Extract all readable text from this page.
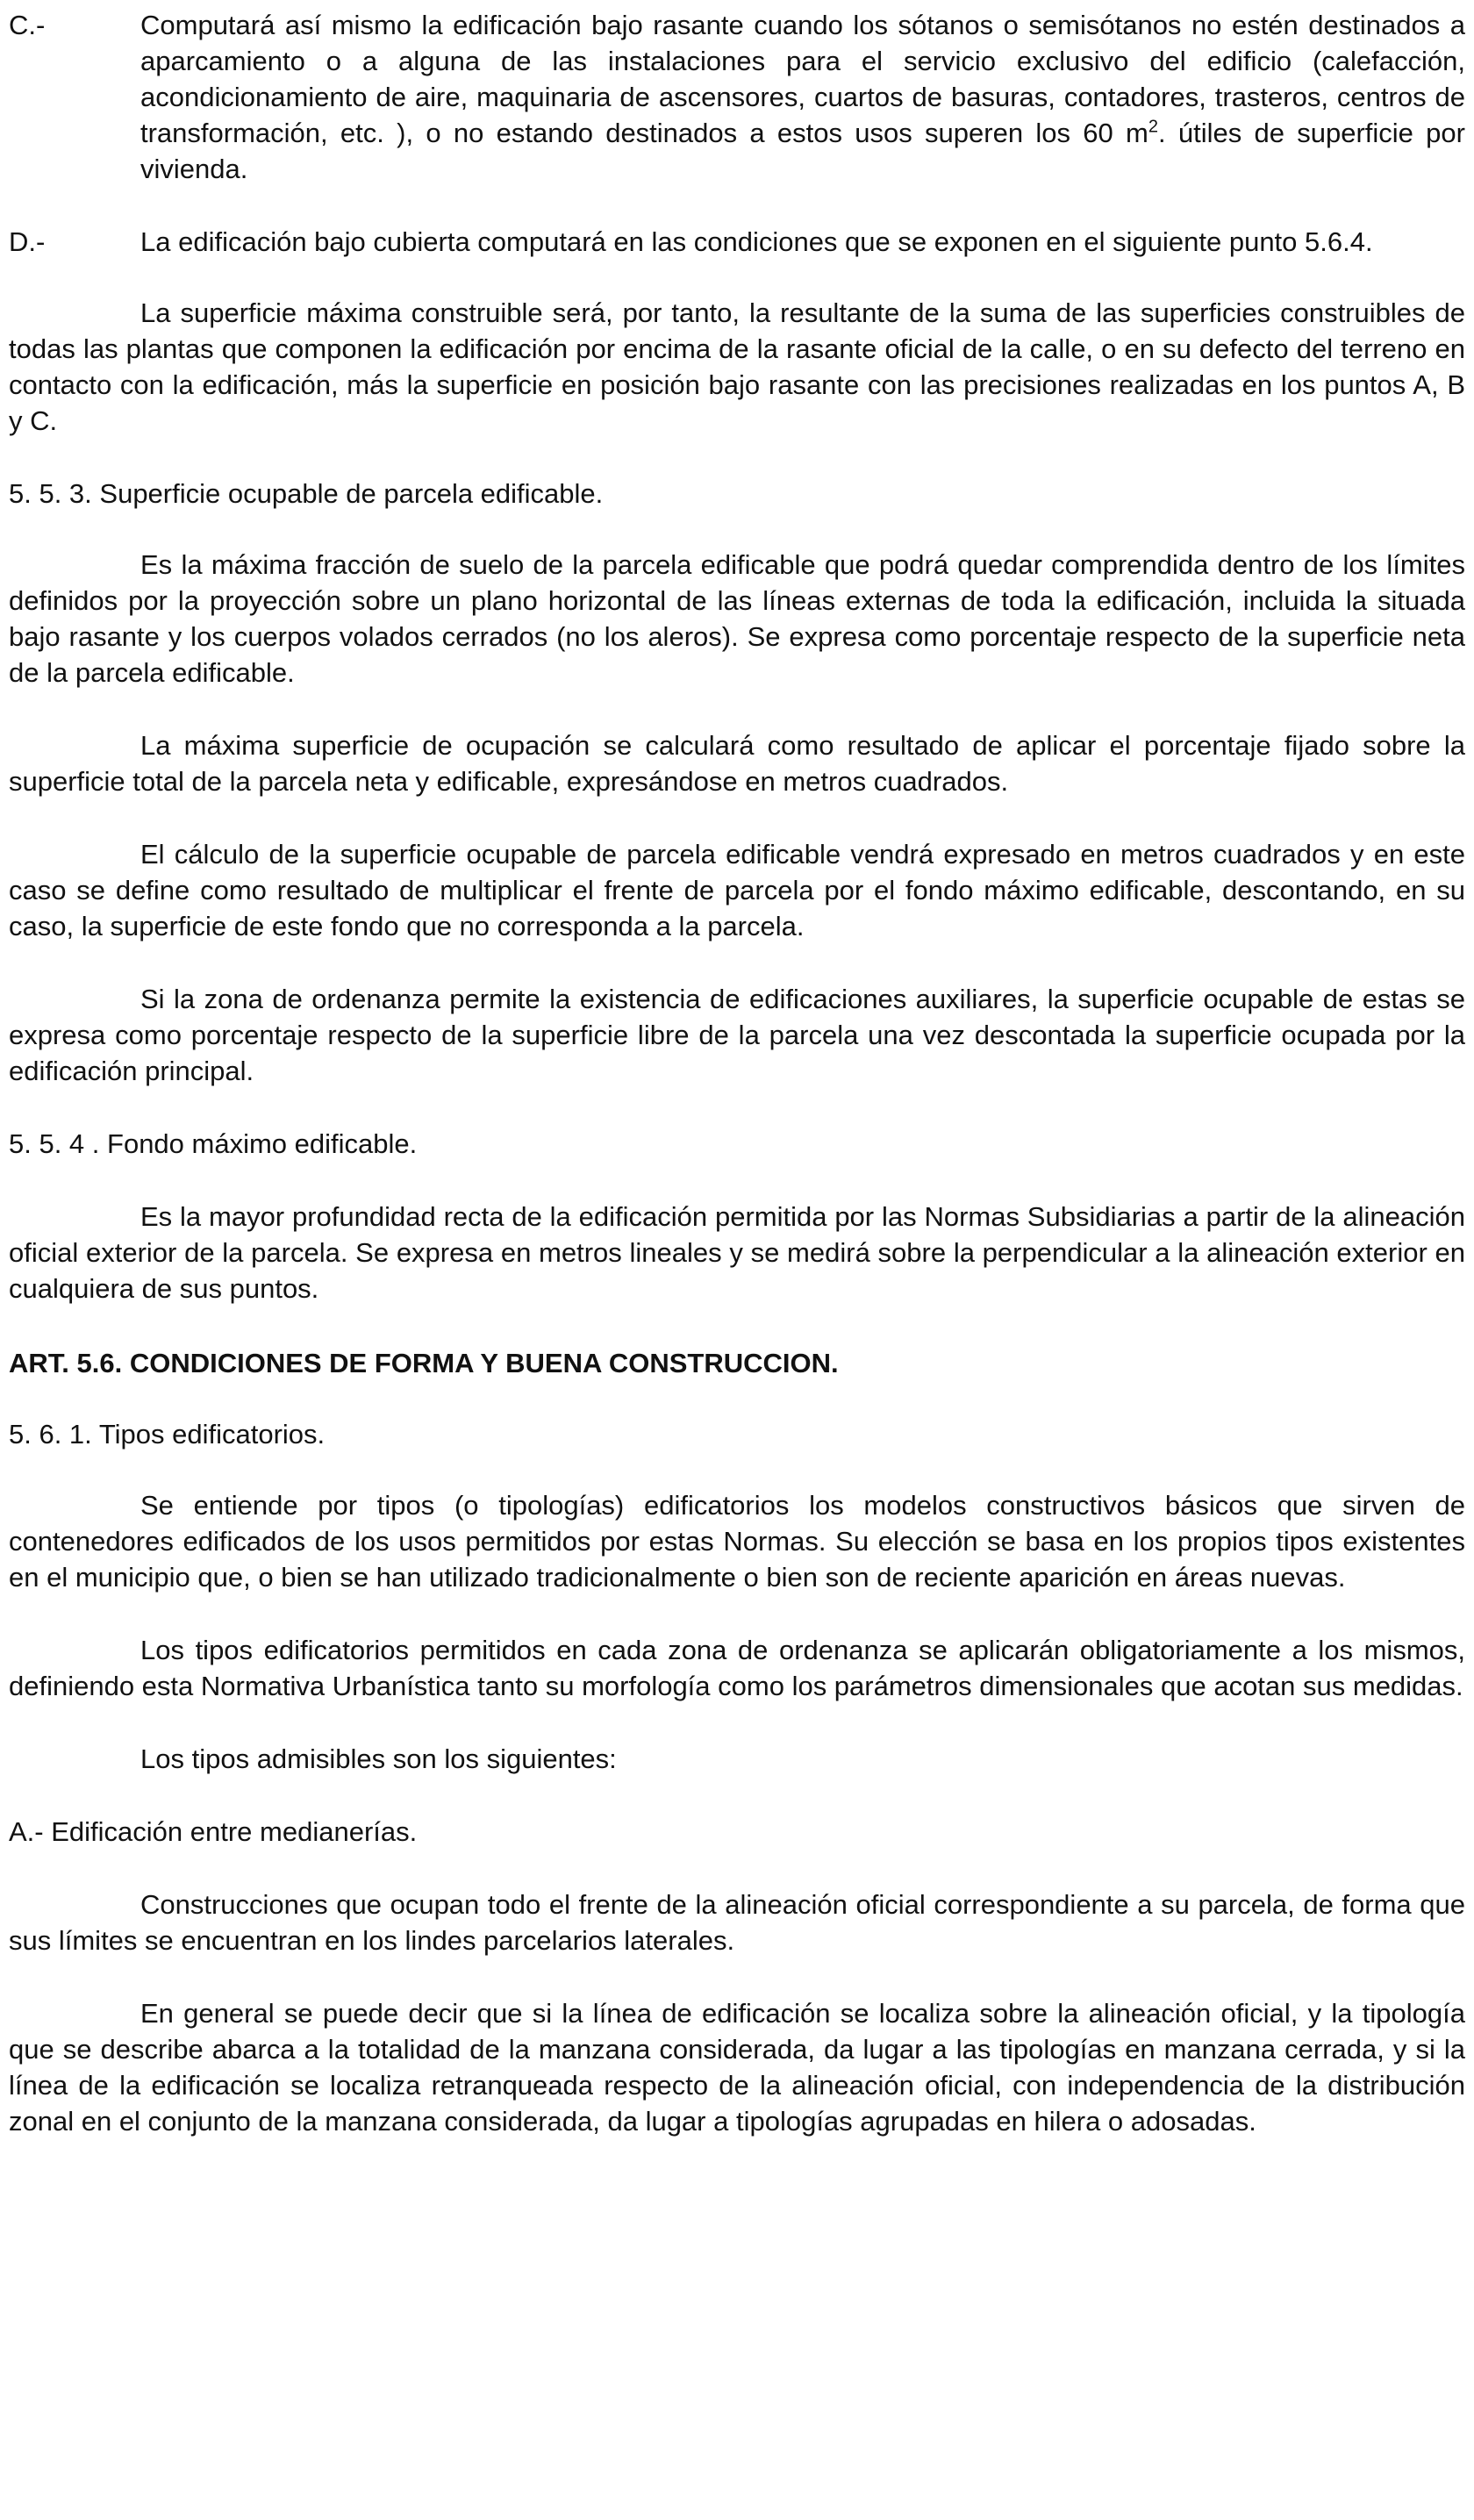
C.-	Computará así mismo la edificación bajo rasante cuando los sótanos o semisótanos no estén destinados a aparcamiento o a alguna de las instalaciones para el servicio exclusivo del edificio (calefacción, acondicionamiento de aire, maquinaria de ascensores, cuartos de basuras, contadores, trasteros, centros de transformación, etc. ), o no estando destinados a estos usos superen los 60 $m^2$. útiles de superficie por vivienda.
D.-	La edificación bajo cubierta computará en las condiciones que se exponen en el siguiente punto 5.6.4.

La superficie máxima construible será, por tanto, la resultante de la suma de las superficies construibles de todas las plantas que componen la edificación por encima de la rasante oficial de la calle, o en su defecto del terreno en contacto con la edificación, más la superficie en posición bajo rasante con las precisiones realizadas en los puntos A, B y C.

5. 5. 3. Superficie ocupable de parcela edificable.

Es la máxima fracción de suelo de la parcela edificable que podrá quedar comprendida dentro de los límites definidos por la proyección sobre un plano horizontal de las líneas externas de toda la edificación, incluida la situada bajo rasante y los cuerpos volados cerrados (no los aleros). Se expresa como porcentaje respecto de la superficie neta de la parcela edificable.

La máxima superficie de ocupación se calculará como resultado de aplicar el porcentaje fijado sobre la superficie total de la parcela neta y edificable, expresándose en metros cuadrados.

El cálculo de la superficie ocupable de parcela edificable vendrá expresado en metros cuadrados y en este caso se define como resultado de multiplicar el frente de parcela por el fondo máximo edificable, descontando, en su caso, la superficie de este fondo que no corresponda a la parcela.

Si la zona de ordenanza permite la existencia de edificaciones auxiliares, la superficie ocupable de estas se expresa como porcentaje respecto de la superficie libre de la parcela una vez descontada la superficie ocupada por la edificación principal.

5. 5. 4 . Fondo máximo edificable.

Es la mayor profundidad recta de la edificación permitida por las Normas Subsidiarias a partir de la alineación oficial exterior de la parcela. Se expresa en metros lineales y se medirá sobre la perpendicular a la alineación exterior en cualquiera de sus puntos.

ART. 5.6. CONDICIONES DE FORMA Y BUENA CONSTRUCCION.

5. 6. 1. Tipos edificatorios.

Se entiende por tipos (o tipologías) edificatorios los modelos constructivos básicos que sirven de contenedores edificados de los usos permitidos por estas Normas. Su elección se basa en los propios tipos existentes en el municipio que, o bien se han utilizado tradicionalmente o bien son de reciente aparición en áreas nuevas.

Los tipos edificatorios permitidos en cada zona de ordenanza se aplicarán obligatoriamente a los mismos, definiendo esta Normativa Urbanística tanto su morfología como los parámetros dimensionales que acotan sus medidas.

Los tipos admisibles son los siguientes:

A.- Edificación entre medianerías.

Construcciones que ocupan todo el frente de la alineación oficial correspondiente a su parcela, de forma que sus límites se encuentran en los lindes parcelarios laterales.

En general se puede decir que si la línea de edificación se localiza sobre la alineación oficial, y la tipología que se describe abarca a la totalidad de la manzana considerada, da lugar a las tipologías en manzana cerrada, y si la línea de la edificación se localiza retranqueada respecto de la alineación oficial, con independencia de la distribución zonal en el conjunto de la manzana considerada, da lugar a tipologías agrupadas en hilera o adosadas.
